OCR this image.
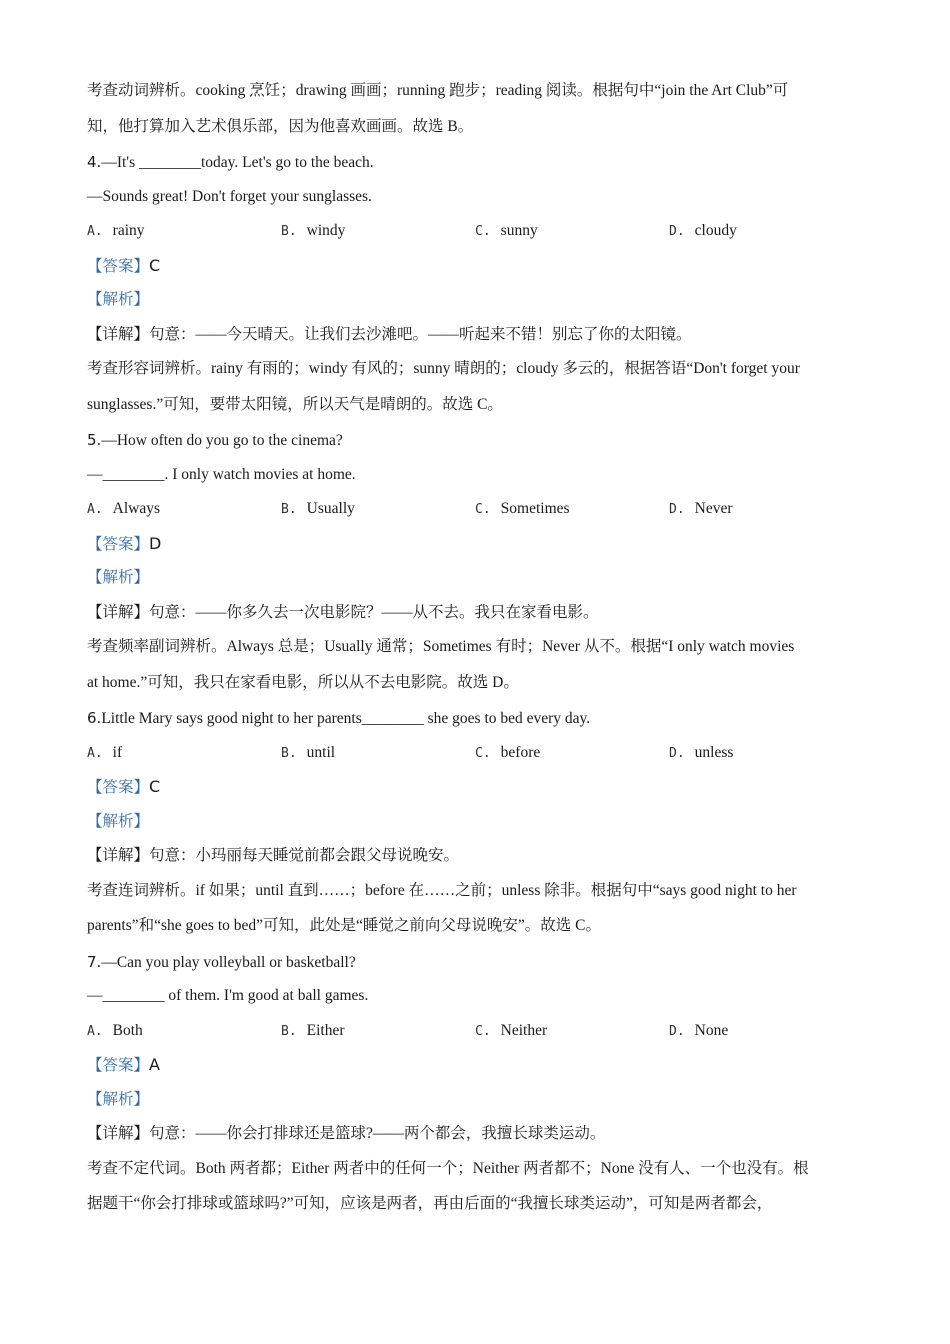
考查动词辨析。cooking 烹饪；drawing 画画；running 跑步；reading 阅读。根据句中“join the Art Club”可
知，他打算加入艺术俱乐部，因为他喜欢画画。故选 B。
4.—It's ________today. Let's go to the beach.
—Sounds great! Don't forget your sunglasses.
A. rainy	B. windy	C. sunny	D. cloudy
【答案】C
【解析】
【详解】句意：——今天晴天。让我们去沙滩吧。——听起来不错！别忘了你的太阳镜。
考查形容词辨析。rainy 有雨的；windy 有风的；sunny 晴朗的；cloudy 多云的，根据答语“Don't forget your
sunglasses.”可知，要带太阳镜，所以天气是晴朗的。故选 C。
5.—How often do you go to the cinema?
—________. I only watch movies at home.
A. Always	B. Usually	C. Sometimes	D. Never
【答案】D
【解析】
【详解】句意：——你多久去一次电影院？——从不去。我只在家看电影。
考查频率副词辨析。Always 总是；Usually 通常；Sometimes 有时；Never 从不。根据“I only watch movies
at home.”可知，我只在家看电影，所以从不去电影院。故选 D。
6.Little Mary says good night to her parents________ she goes to bed every day.
A. if	B. until	C. before	D. unless
【答案】C
【解析】
【详解】句意：小玛丽每天睡觉前都会跟父母说晚安。
考查连词辨析。if 如果；until 直到……；before 在……之前；unless 除非。根据句中“says good night to her
parents”和“she goes to bed”可知，此处是“睡觉之前向父母说晚安”。故选 C。
7.—Can you play volleyball or basketball?
—________ of them. I'm good at ball games.
A. Both	B. Either	C. Neither	D. None
【答案】A
【解析】
【详解】句意：——你会打排球还是篮球?——两个都会，我擅长球类运动。
考查不定代词。Both 两者都；Either 两者中的任何一个；Neither 两者都不；None 没有人、一个也没有。根
据题干“你会打排球或篮球吗?”可知，应该是两者，再由后面的“我擅长球类运动”，可知是两者都会，
